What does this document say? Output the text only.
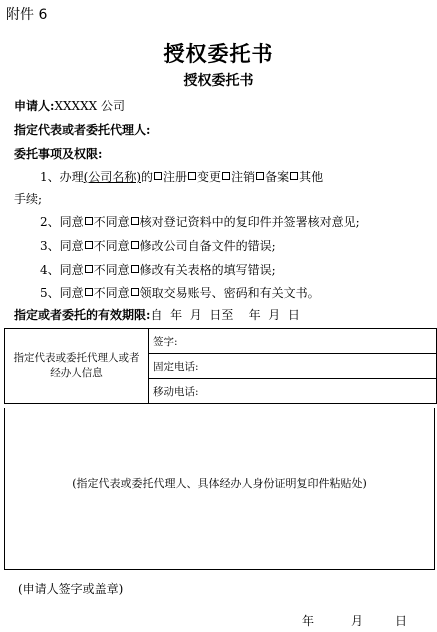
附件 6
授权委托书
授权委托书
申请人:XXXXX 公司
指定代表或者委托代理人:
委托事项及权限:
1、办理(公司名称)的 注册 变更 注销 备案 其他
手续;
2、同意 不同意 核对登记资料中的复印件并签署核对意见;
3、同意 不同意 修改公司自备文件的错误;
4、同意 不同意 修改有关表格的填写错误;
5、同意 不同意 领取交易账号、密码和有关文书。
指定或者委托的有效期限:自  年  月  日至    年  月  日
指定代表或委托代理人或者经办人信息	签字:
固定电话:
移动电话:
(指定代表或委托代理人、具体经办人身份证明复印件粘贴处)
(申请人签字或盖章)
年	月	日
